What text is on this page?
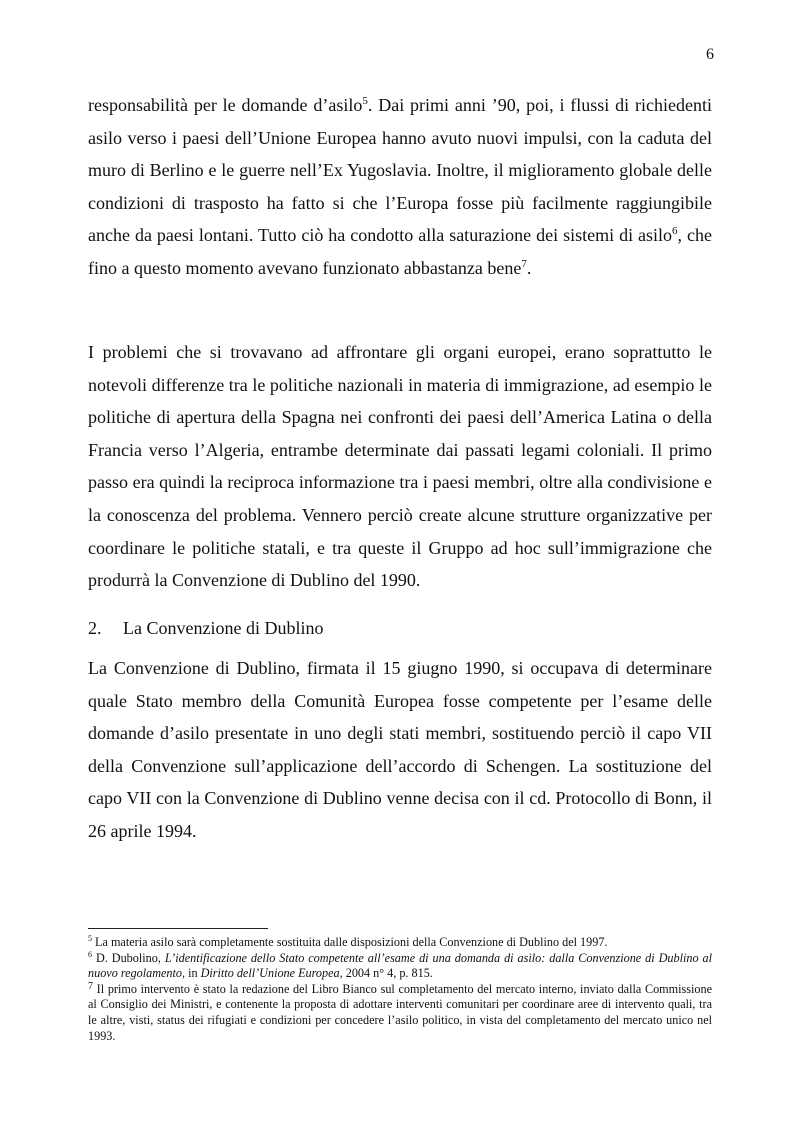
6

responsabilità per le domande d’asilo$^5$. Dai primi anni ’90, poi, i flussi di richiedenti asilo verso i paesi dell’Unione Europea hanno avuto nuovi impulsi, con la caduta del muro di Berlino e le guerre nell’Ex Yugoslavia. Inoltre, il miglioramento globale delle condizioni di trasposto ha fatto si che l’Europa fosse più facilmente raggiungibile anche da paesi lontani. Tutto ciò ha condotto alla saturazione dei sistemi di asilo$^6$, che fino a questo momento avevano funzionato abbastanza bene$^7$.

I problemi che si trovavano ad affrontare gli organi europei, erano soprattutto le notevoli differenze tra le politiche nazionali in materia di immigrazione, ad esempio le politiche di apertura della Spagna nei confronti dei paesi dell’America Latina o della Francia verso l’Algeria, entrambe determinate dai passati legami coloniali. Il primo passo era quindi la reciproca informazione tra i paesi membri, oltre alla condivisione e la conoscenza del problema. Vennero perciò create alcune strutture organizzative per coordinare le politiche statali, e tra queste il Gruppo ad hoc sull’immigrazione che produrrà la Convenzione di Dublino del 1990.

2. La Convenzione di Dublino

La Convenzione di Dublino, firmata il 15 giugno 1990, si occupava di determinare quale Stato membro della Comunità Europea fosse competente per l’esame delle domande d’asilo presentate in uno degli stati membri, sostituendo perciò il capo VII della Convenzione sull’applicazione dell’accordo di Schengen. La sostituzione del capo VII con la Convenzione di Dublino venne decisa con il cd. Protocollo di Bonn, il 26 aprile 1994.

$^5$ La materia asilo sarà completamente sostituita dalle disposizioni della Convenzione di Dublino del 1997.

$^6$ D. Dubolino, L’identificazione dello Stato competente all’esame di una domanda di asilo: dalla Convenzione di Dublino al nuovo regolamento, in Diritto dell’Unione Europea, 2004 n° 4, p. 815.

$^7$ Il primo intervento è stato la redazione del Libro Bianco sul completamento del mercato interno, inviato dalla Commissione al Consiglio dei Ministri, e contenente la proposta di adottare interventi comunitari per coordinare aree di intervento quali, tra le altre, visti, status dei rifugiati e condizioni per concedere l’asilo politico, in vista del completamento del mercato unico nel 1993.
